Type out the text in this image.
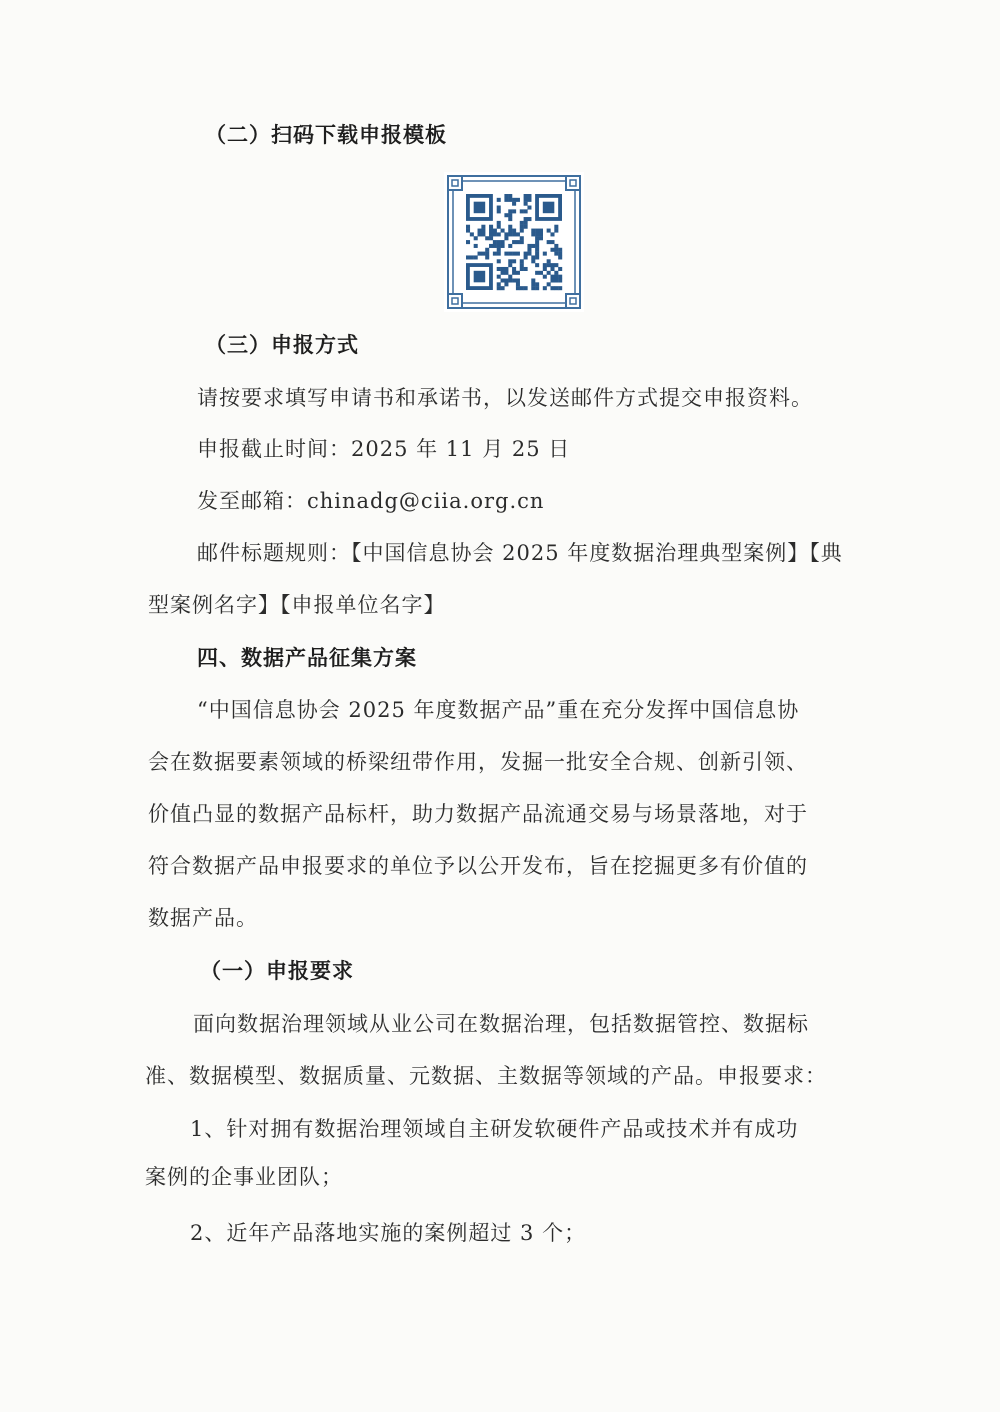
（二）扫码下载申报模板
（三）申报方式
请按要求填写申请书和承诺书，以发送邮件方式提交申报资料。
申报截止时间：2025 年 11 月 25 日
发至邮箱：chinadg@ciia.org.cn
邮件标题规则：【中国信息协会 2025 年度数据治理典型案例】【典
型案例名字】【申报单位名字】
四、数据产品征集方案
“中国信息协会 2025 年度数据产品”重在充分发挥中国信息协
会在数据要素领域的桥梁纽带作用，发掘一批安全合规、创新引领、
价值凸显的数据产品标杆，助力数据产品流通交易与场景落地，对于
符合数据产品申报要求的单位予以公开发布，旨在挖掘更多有价值的
数据产品。
（一）申报要求
面向数据治理领域从业公司在数据治理，包括数据管控、数据标
准、数据模型、数据质量、元数据、主数据等领域的产品。申报要求：
1、针对拥有数据治理领域自主研发软硬件产品或技术并有成功
案例的企事业团队；
2、近年产品落地实施的案例超过 3 个；
